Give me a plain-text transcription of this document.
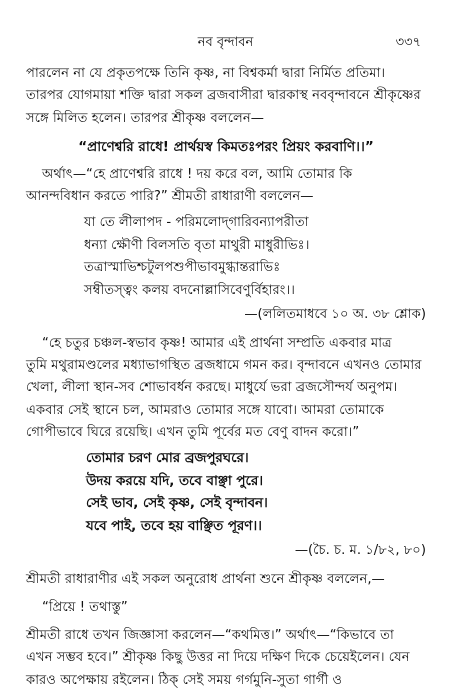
নব বৃন্দাবন	৩৩৭
পারলেন না যে প্রকৃতপক্ষে তিনি কৃষ্ণ, না বিশ্বকর্মা দ্বারা নির্মিত প্রতিমা।
তারপর যোগমায়া শক্তি দ্বারা সকল ব্রজবাসীরা দ্বারকাস্থ নববৃন্দাবনে শ্রীকৃষ্ণের
সঙ্গে মিলিত হলেন। তারপর শ্রীকৃষ্ণ বললেন—
“প্রাণেশ্বরি রাধে! প্রার্থয়স্ব কিমতঃপরং প্রিয়ং করবাণি।।”
অর্থাৎ—“হে প্রাণেশ্বরি রাধে ! দয় করে বল, আমি তোমার কি
আনন্দবিধান করতে পারি?” শ্রীমতী রাধারাণী বললেন—
যা তে লীলাপদ - পরিমলোদ্‌গারিবন্যাপরীতা
ধন্যা ক্ষৌণী বিলসতি বৃতা মাথুরী মাধুরীভিঃ।
তত্রাস্মাভিশ্চটুলপশুপীভাবমুগ্ধান্তরাভিঃ
সম্বীতস্ত্বং কলয় বদনোল্লাসিবেণুর্বিহারং।।
—(ললিতমাধবে ১০ অ. ৩৮ শ্লোক)
“হে চতুর চঞ্চল-স্বভাব কৃষ্ণ! আমার এই প্রার্থনা সম্প্রতি একবার মাত্র
তুমি মথুরামণ্ডলের মধ্যাভাগস্থিত ব্রজধামে গমন কর। বৃন্দাবনে এখনও তোমার
খেলা, লীলা স্থান-সব শোভাবর্ধন করছে। মাধুর্যে ভরা ব্রজসৌন্দর্য অনুপম।
একবার সেই স্থানে চল, আমরাও তোমার সঙ্গে যাবো। আমরা তোমাকে
গোপীভাবে ঘিরে রয়েছি। এখন তুমি পূর্বের মত বেণু বাদন করো।”
তোমার চরণ মোর ব্রজপুরঘরে।
উদয় করয়ে যদি, তবে বাঞ্ছা পুরে।
সেই ভাব, সেই কৃষ্ণ, সেই বৃন্দাবন।
যবে পাই, তবে হয় বাঞ্ছিত পূরণ।।
—(চৈ. চ. ম. ১/৮২, ৮০)
শ্রীমতী রাধারাণীর এই সকল অনুরোধ প্রার্থনা শুনে শ্রীকৃষ্ণ বললেন,—
“প্রিয়ে ! তথাস্তু”
শ্রীমতী রাধে তখন জিজ্ঞাসা করলেন—“কথমিত্ত।” অর্থাৎ—“কিভাবে তা
এখন সম্ভব হবে।” শ্রীকৃষ্ণ কিছু উত্তর না দিয়ে দক্ষিণ দিকে চেয়েইলেন। যেন
কারও অপেক্ষায় রইলেন। ঠিক্‌ সেই সময় গর্গমুনি-সুতা গার্গী ও
